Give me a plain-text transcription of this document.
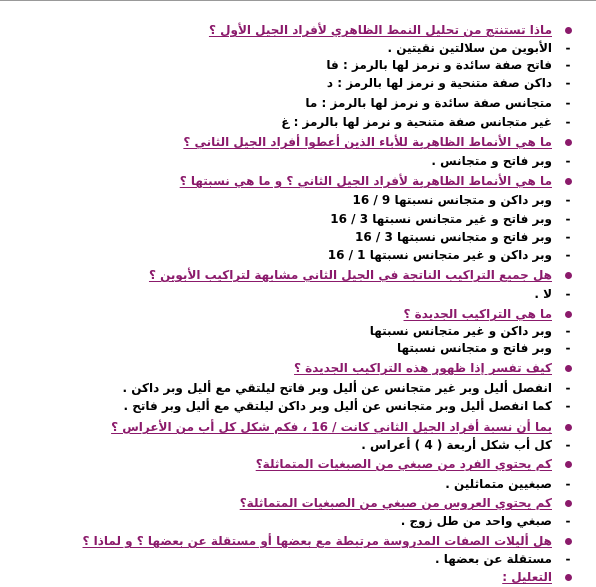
ماذا تستنتج من تحليل النمط الظاهري لأفراد الجيل الأول ؟
-
الأبوين من سلالتين نقيتين .
-
فاتح صفة سائدة و نرمز لها بالرمز : فا
-
داكن صفة متنحية و نرمز لها بالرمز : د
-
متجانس صفة سائدة و نرمز لها بالرمز : ما
-
غير متجانس صفة متنحية و نرمز لها بالرمز : غ
ما هي الأنماط الظاهرية للأباء الذين أعطوا أفراد الجيل الثاني ؟
-
وبر فاتح و متجانس .
ما هي الأنماط الظاهرية لأفراد الجيل الثاني ؟ و ما هي نسبتها ؟
-
وبر داكن و متجانس نسبتها 9 / 16
-
وبر فاتح و غير متجانس نسبتها 3 / 16
-
وبر فاتح و متجانس نسبتها 3 / 16
-
وبر داكن و غير متجانس نسبتها 1 / 16
هل جميع التراكيب الناتجة في الجيل الثاني مشابهة لتراكيب الأبوين ؟
-
لا .
ما هي التراكيب الجديدة ؟
-
وبر داكن و غير متجانس نسبتها
-
وبر فاتح و متجانس نسبتها
كيف تفسر إذا ظهور هذه التراكيب الجديدة ؟
-
انفصل أليل وبر غير متجانس عن أليل وبر فاتح ليلتقي مع أليل وبر داكن .
-
كما انفصل أليل وبر متجانس عن أليل وبر داكن ليلتقي مع أليل وبر فاتح .
بما أن نسبة أفراد الجيل الثاني كانت / 16 ، فكم شكل كل أب من الأعراس ؟
-
كل أب شكل أربعة ( 4 ) أعراس .
كم يحتوي الفرد من صبغي من الصبغيات المتماثلة؟
-
صبغيين متماثلين .
كم يحتوي العروس من صبغي من الصبغيات المتماثلة؟
-
صبغي واحد من طل زوج .
هل أليلات الصفات المدروسة مرتبطة مع بعضها أو مستقلة عن بعضها ؟ و لماذا ؟
-
مستقلة عن بعضها .
التعليل :
